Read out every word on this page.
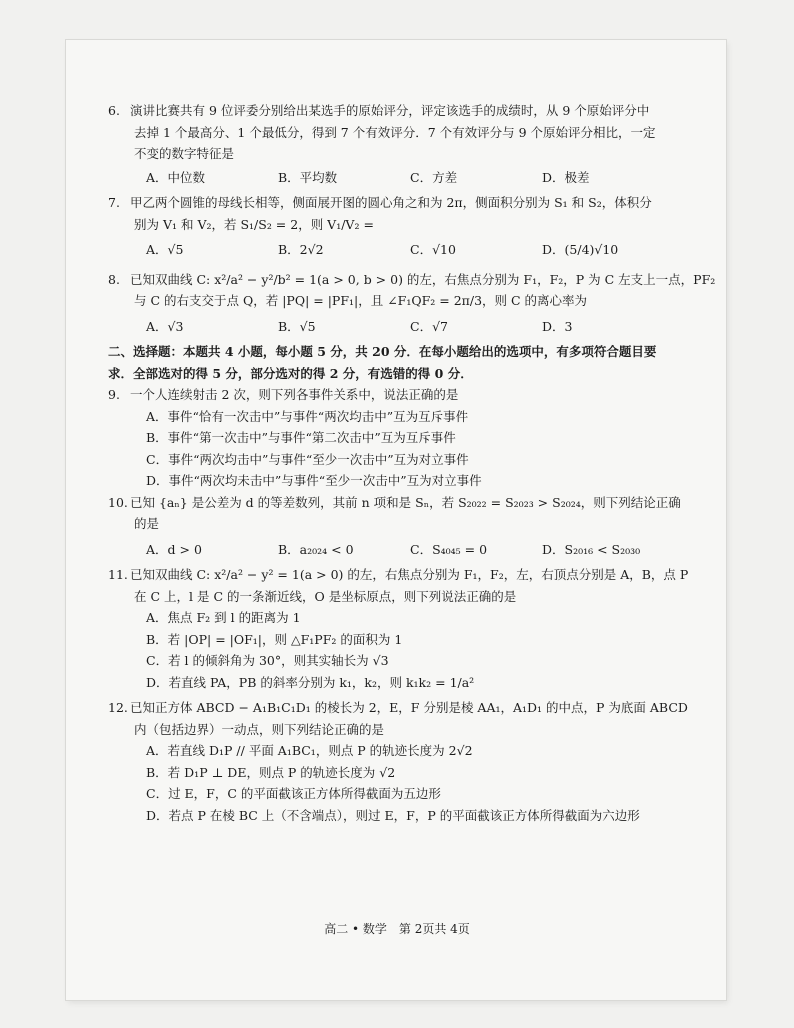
6. 演讲比赛共有 9 位评委分别给出某选手的原始评分，评定该选手的成绩时，从 9 个原始评分中
去掉 1 个最高分、1 个最低分，得到 7 个有效评分．7 个有效评分与 9 个原始评分相比，一定
不变的数字特征是
A．中位数	B．平均数	C．方差	D．极差
7. 甲乙两个圆锥的母线长相等，侧面展开图的圆心角之和为 2π，侧面积分别为 S₁ 和 S₂，体积分
别为 V₁ 和 V₂，若 S₁/S₂ = 2，则 V₁/V₂ =
A．√5	B．2√2	C．√10	D．(5/4)√10
8. 已知双曲线 C: x²/a² − y²/b² = 1(a > 0, b > 0) 的左，右焦点分别为 F₁，F₂，P 为 C 左支上一点，PF₂
与 C 的右支交于点 Q，若 |PQ| = |PF₁|，且 ∠F₁QF₂ = 2π/3，则 C 的离心率为
A．√3	B．√5	C．√7	D．3
二、选择题：本题共 4 小题，每小题 5 分，共 20 分．在每小题给出的选项中，有多项符合题目要
求．全部选对的得 5 分，部分选对的得 2 分，有选错的得 0 分．
9. 一个人连续射击 2 次，则下列各事件关系中，说法正确的是
A．事件“恰有一次击中”与事件“两次均击中”互为互斥事件
B．事件“第一次击中”与事件“第二次击中”互为互斥事件
C．事件“两次均击中”与事件“至少一次击中”互为对立事件
D．事件“两次均未击中”与事件“至少一次击中”互为对立事件
10. 已知 {aₙ} 是公差为 d 的等差数列，其前 n 项和是 Sₙ，若 S₂₀₂₂ = S₂₀₂₃ > S₂₀₂₄，则下列结论正确
的是
A．d > 0	B．a₂₀₂₄ < 0	C．S₄₀₄₅ = 0	D．S₂₀₁₆ < S₂₀₃₀
11. 已知双曲线 C: x²/a² − y² = 1(a > 0) 的左，右焦点分别为 F₁，F₂，左，右顶点分别是 A，B，点 P
在 C 上，l 是 C 的一条渐近线，O 是坐标原点，则下列说法正确的是
A．焦点 F₂ 到 l 的距离为 1
B．若 |OP| = |OF₁|，则 △F₁PF₂ 的面积为 1
C．若 l 的倾斜角为 30°，则其实轴长为 √3
D．若直线 PA，PB 的斜率分别为 k₁，k₂，则 k₁k₂ = 1/a²
12. 已知正方体 ABCD − A₁B₁C₁D₁ 的棱长为 2，E，F 分别是棱 AA₁，A₁D₁ 的中点，P 为底面 ABCD
内（包括边界）一动点，则下列结论正确的是
A．若直线 D₁P // 平面 A₁BC₁，则点 P 的轨迹长度为 2√2
B．若 D₁P ⊥ DE，则点 P 的轨迹长度为 √2
C．过 E，F，C 的平面截该正方体所得截面为五边形
D．若点 P 在棱 BC 上（不含端点），则过 E，F，P 的平面截该正方体所得截面为六边形
高二 • 数学　第 2页共 4页
